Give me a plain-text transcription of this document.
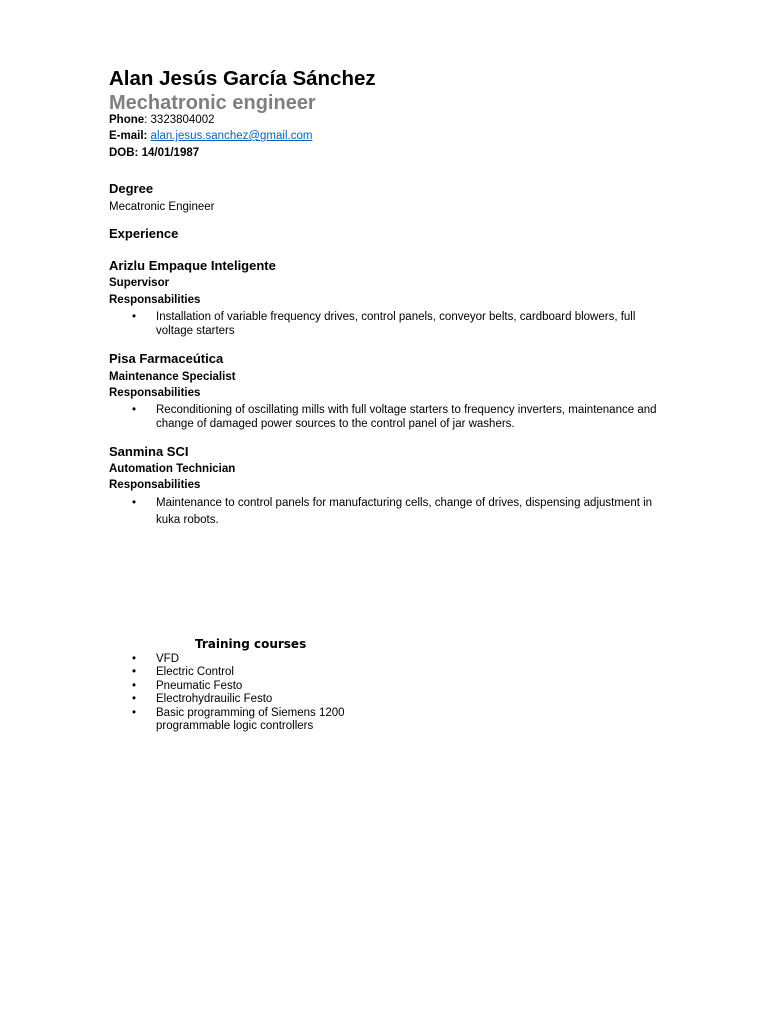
Alan Jesús García Sánchez
Mechatronic engineer
Phone: 3323804002
E-mail: alan.jesus.sanchez@gmail.com
DOB: 14/01/1987
Degree
Mecatronic Engineer
Experience
Arizlu Empaque Inteligente
Supervisor
Responsabilities
•	Installation of variable frequency drives, control panels, conveyor belts, cardboard blowers, full voltage starters
Pisa Farmaceútica
Maintenance Specialist
Responsabilities
•	Reconditioning of oscillating mills with full voltage starters to frequency inverters, maintenance and change of damaged power sources to the control panel of jar washers.
Sanmina SCI
Automation Technician
Responsabilities
•	Maintenance to control panels for manufacturing cells, change of drives, dispensing adjustment in kuka robots.
Training courses
• VFD
• Electric Control
• Pneumatic Festo
• Electrohydrauilic Festo
• Basic programming of Siemens 1200 programmable logic controllers
